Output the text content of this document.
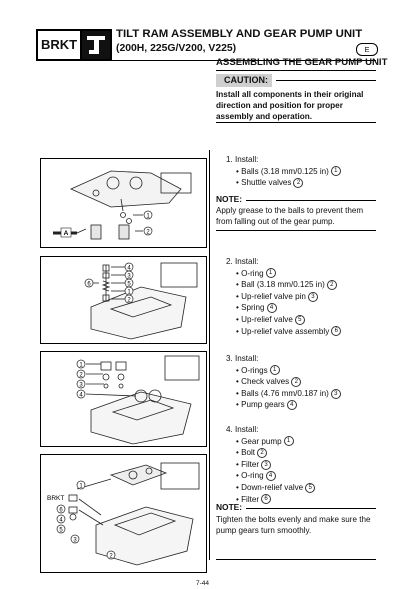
BRKT
TILT RAM ASSEMBLY AND GEAR PUMP UNIT
(200H, 225G/V200, V225)	E
ASSEMBLING THE GEAR PUMP UNIT
CAUTION:
Install all components in their original direction and position for proper assembly and operation.
1. Install:
• Balls (3.18 mm/0.125 in) 1
• Shuttle valves 2
NOTE:
Apply grease to the balls to prevent them from falling out of the gear pump.
2. Install:
• O-ring 1
• Ball (3.18 mm/0.125 in) 2
• Up-relief valve pin 3
• Spring 4
• Up-relief valve 5
• Up-relief valve assembly 6
3. Install:
• O-rings 1
• Check valves 2
• Balls (4.76 mm/0.187 in) 3
• Pump gears 4
4. Install:
• Gear pump 1
• Bolt 2
• Filter 3
• O-ring 4
• Down-relief valve 5
• Filter 6
NOTE:
Tighten the bolts evenly and make sure the pump gears turn smoothly.
1
2
A
4
3
5
1
2
6
1
2
3
4
BRKT
6
4
5
3
1
2
7-44
